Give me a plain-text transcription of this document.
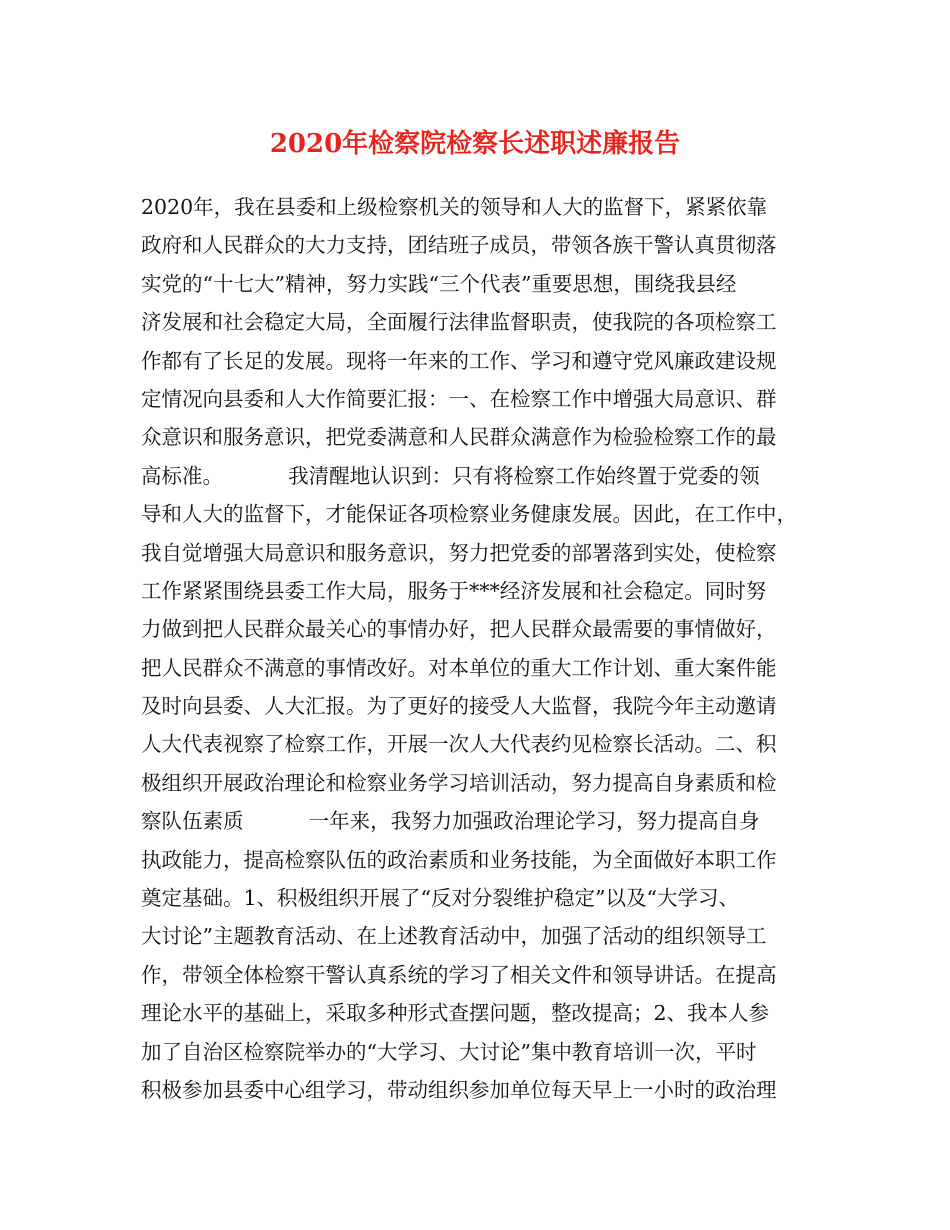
2020年检察院检察长述职述廉报告
2020年，我在县委和上级检察机关的领导和人大的监督下，紧紧依靠
政府和人民群众的大力支持，团结班子成员，带领各族干警认真贯彻落
实党的“十七大”精神，努力实践“三个代表”重要思想，围绕我县经
济发展和社会稳定大局，全面履行法律监督职责，使我院的各项检察工
作都有了长足的发展。现将一年来的工作、学习和遵守党风廉政建设规
定情况向县委和人大作简要汇报：一、在检察工作中增强大局意识、群
众意识和服务意识，把党委满意和人民群众满意作为检验检察工作的最
高标准。          我清醒地认识到：只有将检察工作始终置于党委的领
导和人大的监督下，才能保证各项检察业务健康发展。因此，在工作中，
我自觉增强大局意识和服务意识，努力把党委的部署落到实处，使检察
工作紧紧围绕县委工作大局，服务于***经济发展和社会稳定。同时努
力做到把人民群众最关心的事情办好，把人民群众最需要的事情做好，
把人民群众不满意的事情改好。对本单位的重大工作计划、重大案件能
及时向县委、人大汇报。为了更好的接受人大监督，我院今年主动邀请
人大代表视察了检察工作，开展一次人大代表约见检察长活动。二、积
极组织开展政治理论和检察业务学习培训活动，努力提高自身素质和检
察队伍素质          一年来，我努力加强政治理论学习，努力提高自身
执政能力，提高检察队伍的政治素质和业务技能，为全面做好本职工作
奠定基础。1、积极组织开展了“反对分裂维护稳定”以及“大学习、
大讨论”主题教育活动、在上述教育活动中，加强了活动的组织领导工
作，带领全体检察干警认真系统的学习了相关文件和领导讲话。在提高
理论水平的基础上，采取多种形式查摆问题，整改提高；2、我本人参
加了自治区检察院举办的“大学习、大讨论”集中教育培训一次，平时
积极参加县委中心组学习，带动组织参加单位每天早上一小时的政治理
